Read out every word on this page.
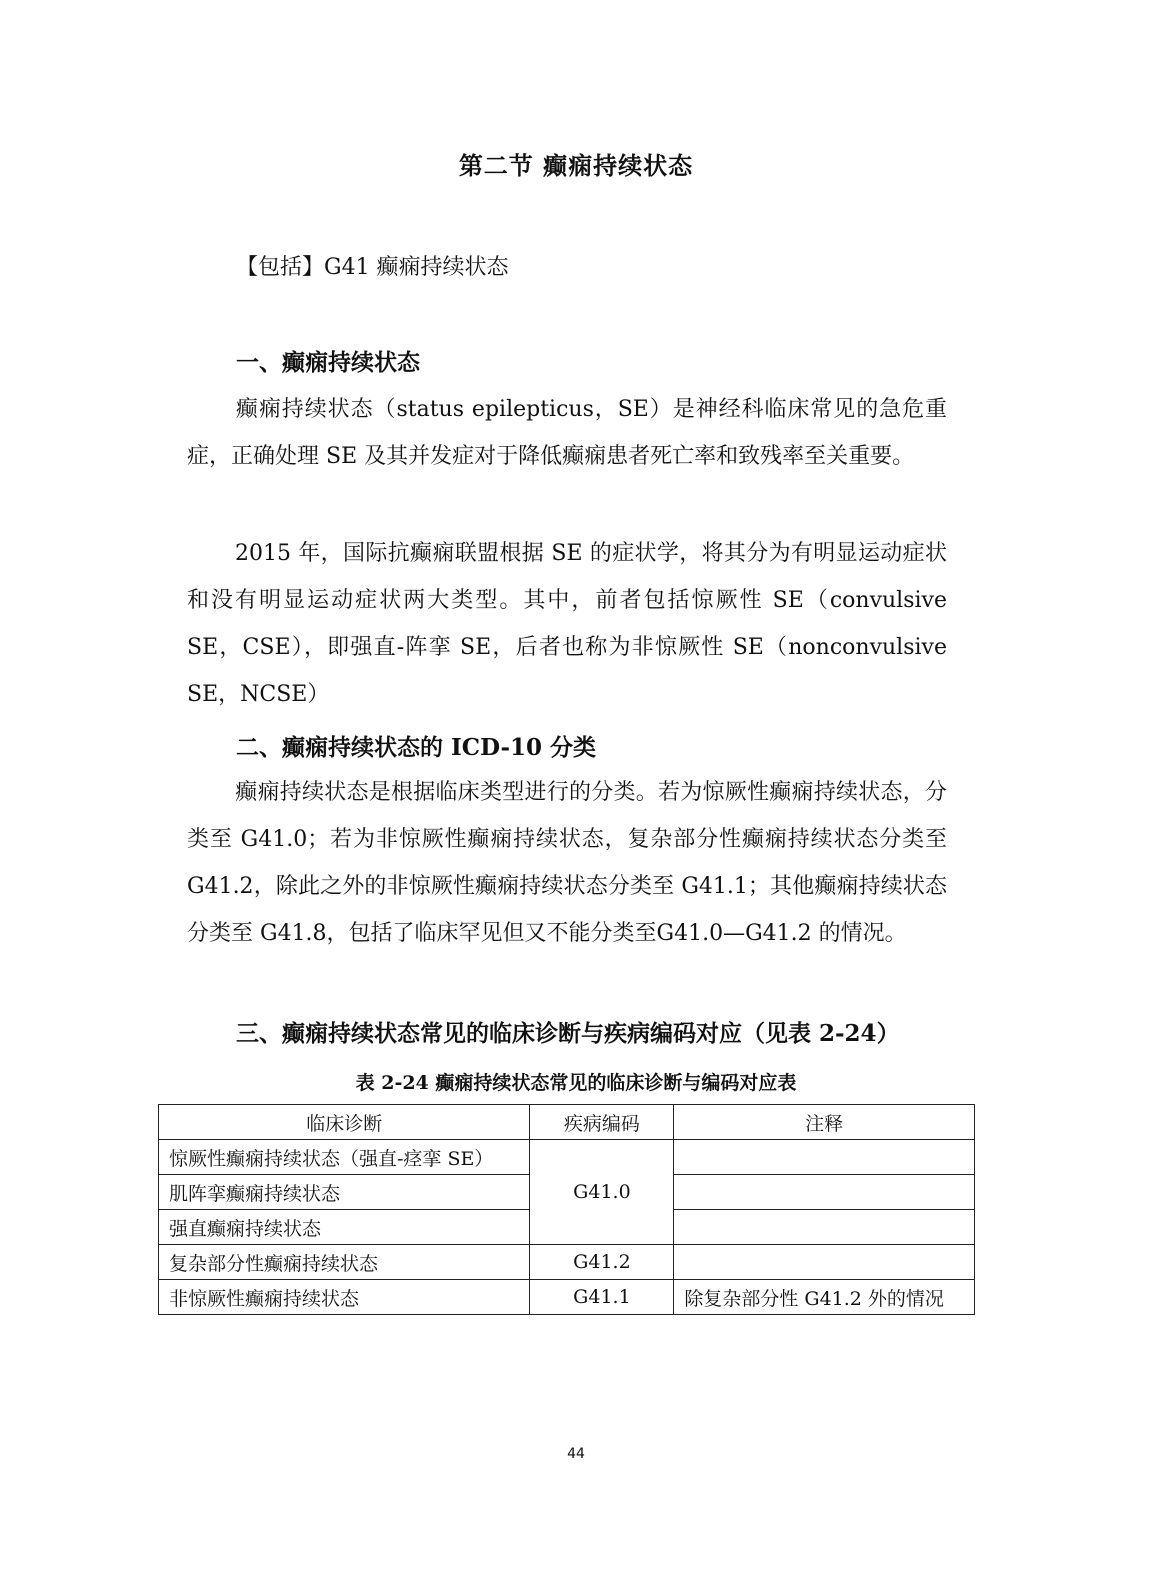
第二节 癫痫持续状态
【包括】G41 癫痫持续状态
一、癫痫持续状态

癫痫持续状态（status epilepticus，SE）是神经科临床常见的急危重症，正确处理 SE 及其并发症对于降低癫痫患者死亡率和致残率至关重要。

2015 年，国际抗癫痫联盟根据 SE 的症状学，将其分为有明显运动症状和没有明显运动症状两大类型。其中，前者包括惊厥性 SE（convulsive SE，CSE），即强直-阵挛 SE，后者也称为非惊厥性 SE（nonconvulsive SE，NCSE）

二、癫痫持续状态的 ICD-10 分类

癫痫持续状态是根据临床类型进行的分类。若为惊厥性癫痫持续状态，分类至 G41.0；若为非惊厥性癫痫持续状态，复杂部分性癫痫持续状态分类至 G41.2，除此之外的非惊厥性癫痫持续状态分类至 G41.1；其他癫痫持续状态分类至 G41.8，包括了临床罕见但又不能分类至G41.0—G41.2 的情况。

三、癫痫持续状态常见的临床诊断与疾病编码对应（见表 2-24）
表 2-24 癫痫持续状态常见的临床诊断与编码对应表
临床诊断	疾病编码	注释
惊厥性癫痫持续状态（强直-痉挛 SE）	G41.0	
肌阵挛癫痫持续状态		
强直癫痫持续状态		
复杂部分性癫痫持续状态	G41.2	
非惊厥性癫痫持续状态	G41.1	除复杂部分性 G41.2 外的情况
44
